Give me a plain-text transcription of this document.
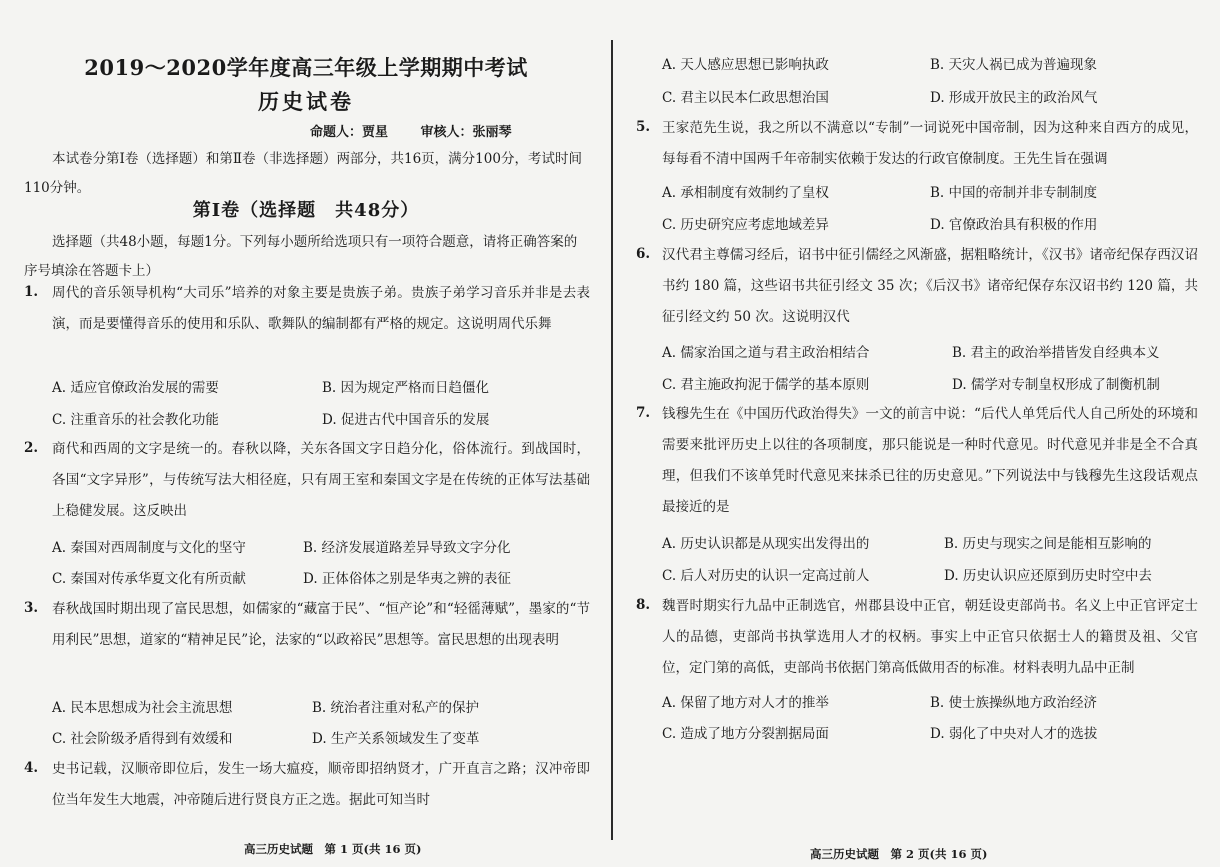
2019～2020学年度高三年级上学期期中考试
历史试卷
命题人：贾星	审核人：张丽琴
本试卷分第Ⅰ卷（选择题）和第Ⅱ卷（非选择题）两部分，共16页，满分100分，考试时间110分钟。
第Ⅰ卷（选择题　共48分）
选择题（共48小题，每题1分。下列每小题所给选项只有一项符合题意，请将正确答案的序号填涂在答题卡上）
1. 周代的音乐领导机构“大司乐”培养的对象主要是贵族子弟。贵族子弟学习音乐并非是去表演，而是要懂得音乐的使用和乐队、歌舞队的编制都有严格的规定。这说明周代乐舞
A. 适应官僚政治发展的需要	B. 因为规定严格而日趋僵化
C. 注重音乐的社会教化功能	D. 促进古代中国音乐的发展
2. 商代和西周的文字是统一的。春秋以降，关东各国文字日趋分化，俗体流行。到战国时，各国“文字异形”，与传统写法大相径庭，只有周王室和秦国文字是在传统的正体写法基础上稳健发展。这反映出
A. 秦国对西周制度与文化的坚守	B. 经济发展道路差异导致文字分化
C. 秦国对传承华夏文化有所贡献	D. 正体俗体之别是华夷之辨的表征
3. 春秋战国时期出现了富民思想，如儒家的“藏富于民”、“恒产论”和“轻徭薄赋”，墨家的“节用利民”思想，道家的“精神足民”论，法家的“以政裕民”思想等。富民思想的出现表明
A. 民本思想成为社会主流思想	B. 统治者注重对私产的保护
C. 社会阶级矛盾得到有效缓和	D. 生产关系领域发生了变革
4. 史书记载，汉顺帝即位后，发生一场大瘟疫，顺帝即招纳贤才，广开直言之路；汉冲帝即位当年发生大地震，冲帝随后进行贤良方正之选。据此可知当时
高三历史试题　第 1 页(共 16 页)
A. 天人感应思想已影响执政	B. 天灾人祸已成为普遍现象
C. 君主以民本仁政思想治国	D. 形成开放民主的政治风气
5. 王家范先生说，我之所以不满意以“专制”一词说死中国帝制，因为这种来自西方的成见，每每看不清中国两千年帝制实依赖于发达的行政官僚制度。王先生旨在强调
A. 承相制度有效制约了皇权	B. 中国的帝制并非专制制度
C. 历史研究应考虑地域差异	D. 官僚政治具有积极的作用
6. 汉代君主尊儒习经后，诏书中征引儒经之风渐盛，据粗略统计，《汉书》诸帝纪保存西汉诏书约 180 篇，这些诏书共征引经文 35 次；《后汉书》诸帝纪保存东汉诏书约 120 篇，共征引经文约 50 次。这说明汉代
A. 儒家治国之道与君主政治相结合	B. 君主的政治举措皆发自经典本义
C. 君主施政拘泥于儒学的基本原则	D. 儒学对专制皇权形成了制衡机制
7. 钱穆先生在《中国历代政治得失》一文的前言中说：“后代人单凭后代人自己所处的环境和需要来批评历史上以往的各项制度，那只能说是一种时代意见。时代意见并非是全不合真理，但我们不该单凭时代意见来抹杀已往的历史意见。”下列说法中与钱穆先生这段话观点最接近的是
A. 历史认识都是从现实出发得出的	B. 历史与现实之间是能相互影响的
C. 后人对历史的认识一定高过前人	D. 历史认识应还原到历史时空中去
8. 魏晋时期实行九品中正制选官，州郡县设中正官，朝廷设吏部尚书。名义上中正官评定士人的品德，吏部尚书执掌选用人才的权柄。事实上中正官只依据士人的籍贯及祖、父官位，定门第的高低，吏部尚书依据门第高低做用否的标准。材料表明九品中正制
A. 保留了地方对人才的推举	B. 使士族操纵地方政治经济
C. 造成了地方分裂割据局面	D. 弱化了中央对人才的选拔
高三历史试题　第 2 页(共 16 页)
